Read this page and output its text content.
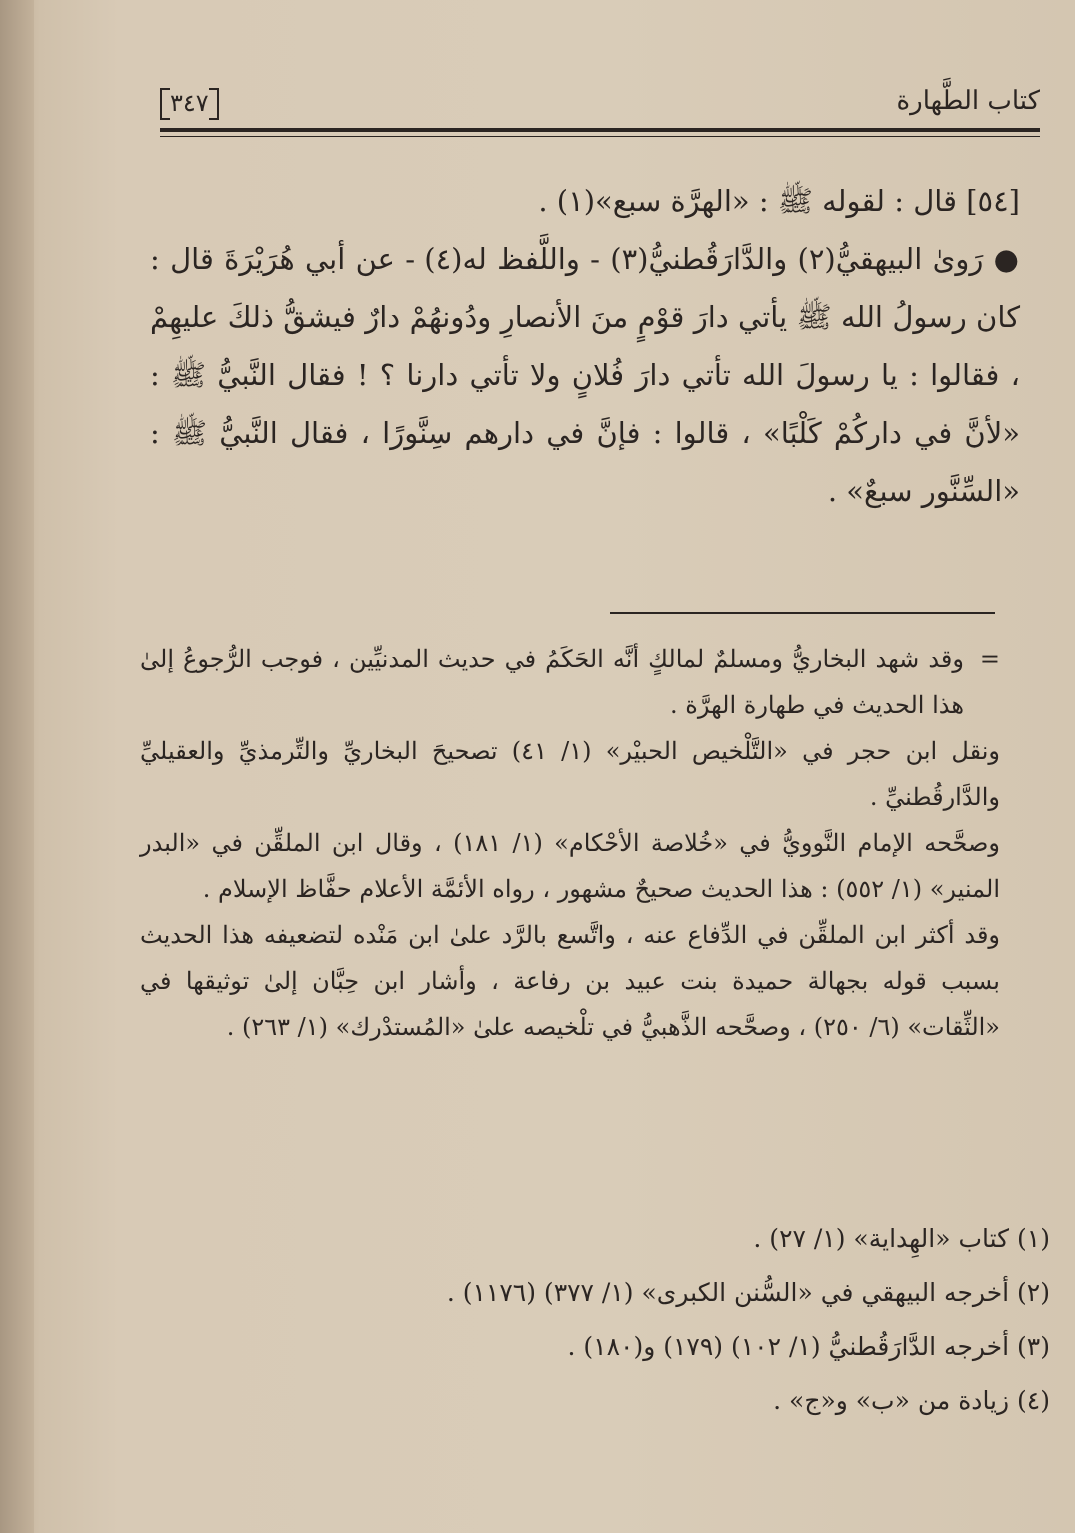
كتاب الطَّهارة
٣٤٧

[٥٤] قال : لقوله ﷺ : «الهرَّة سبع»(١) .

● رَوىٰ البيهقيُّ(٢) والدَّارَقُطنيُّ(٣) - واللَّفظ له(٤) - عن أبي هُرَيْرَةَ قال : كان رسولُ الله ﷺ يأتي دارَ قوْمٍ منَ الأنصارِ ودُونهُمْ دارٌ فيشقُّ ذلكَ عليهِمْ ، فقالوا : يا رسولَ الله تأتي دارَ فُلانٍ ولا تأتي دارنا ؟ ! فقال النَّبيُّ ﷺ : «لأنَّ في داركُمْ كَلْبًا» ، قالوا : فإنَّ في دارهم سِنَّورًا ، فقال النَّبيُّ ﷺ : «السِّنَّور سبعٌ» .

=
وقد شهد البخاريُّ ومسلمٌ لمالكٍ أنَّه الحَكَمُ في حديث المدنيِّين ، فوجب الرُّجوعُ إلىٰ هذا الحديث في طهارة الهرَّة .

ونقل ابن حجر في «التَّلْخيص الحبيْر» (١/ ٤١) تصحيحَ البخاريِّ والتِّرمذيِّ والعقيليِّ والدَّارقُطنيِّ .

وصحَّحه الإمام النَّوويُّ في «خُلاصة الأحْكام» (١/ ١٨١) ، وقال ابن الملقِّن في «البدر المنير» (١/ ٥٥٢) : هذا الحديث صحيحٌ مشهور ، رواه الأئمَّة الأعلام حفَّاظ الإسلام .

وقد أكثر ابن الملقِّن في الدِّفاع عنه ، واتَّسع بالرَّد علىٰ ابن مَنْده لتضعيفه هذا الحديث بسبب قوله بجهالة حميدة بنت عبيد بن رفاعة ، وأشار ابن حِبَّان إلىٰ توثيقها في «الثِّقات» (٦/ ٢٥٠) ، وصحَّحه الذَّهبيُّ في تلْخيصه علىٰ «المُستدْرك» (١/ ٢٦٣) .

(١) كتاب «الهِداية» (١/ ٢٧) .

(٢) أخرجه البيهقي في «السُّنن الكبرى» (١/ ٣٧٧) (١١٧٦) .

(٣) أخرجه الدَّارَقُطنيُّ (١/ ١٠٢) (١٧٩) و(١٨٠) .

(٤) زيادة من «ب» و«ج» .
